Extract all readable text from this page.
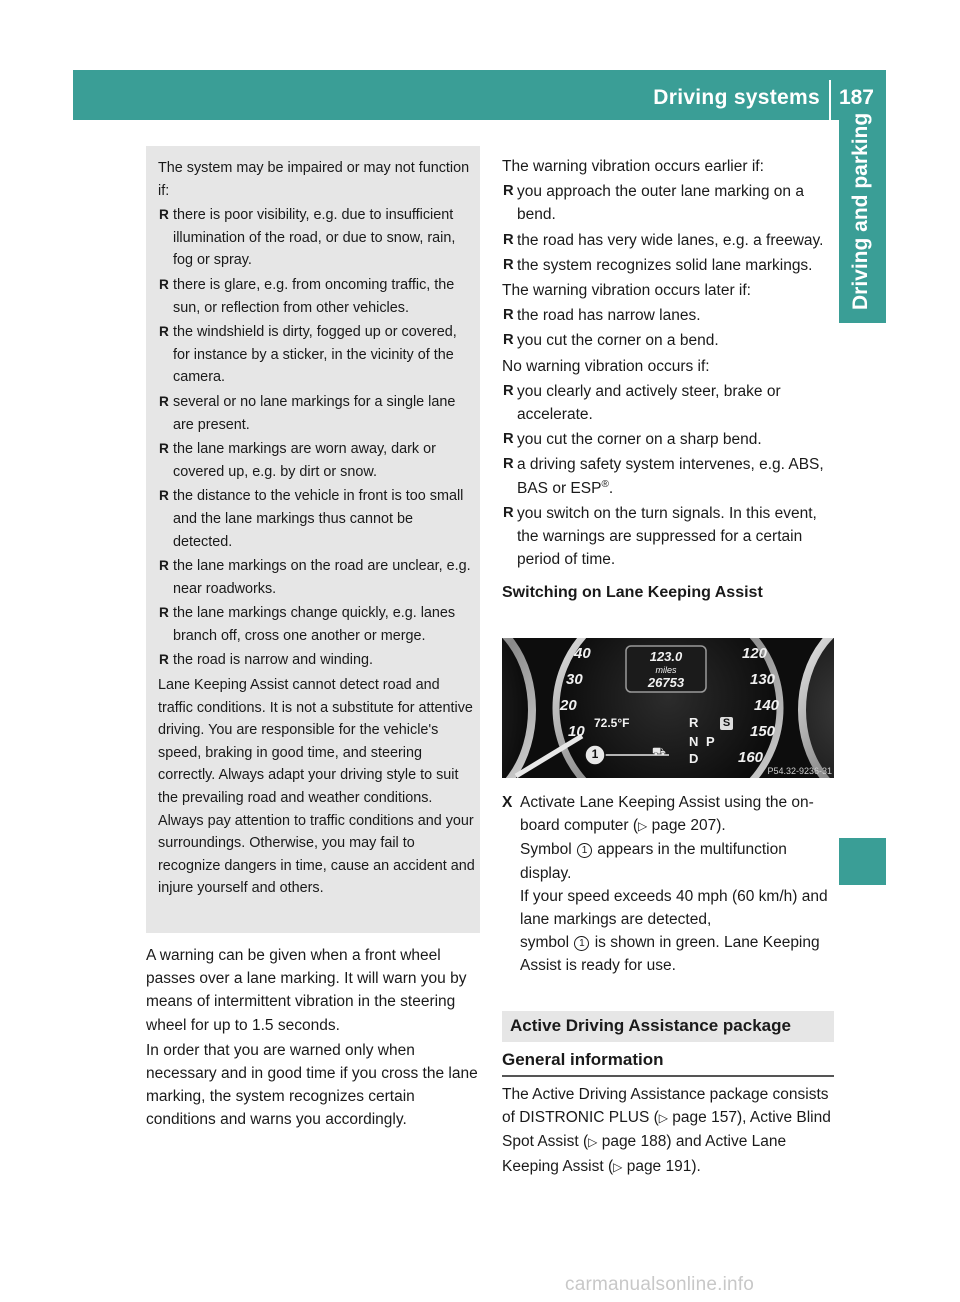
Driving systems 187
Driving and parking

The system may be impaired or may not function if:

R there is poor visibility, e.g. due to insufficient illumination of the road, or due to snow, rain, fog or spray.
R there is glare, e.g. from oncoming traffic, the sun, or reflection from other vehicles.
R the windshield is dirty, fogged up or covered, for instance by a sticker, in the vicinity of the camera.
R several or no lane markings for a single lane are present.
R the lane markings are worn away, dark or covered up, e.g. by dirt or snow.
R the distance to the vehicle in front is too small and the lane markings thus cannot be detected.
R the lane markings on the road are unclear, e.g. near roadworks.
R the lane markings change quickly, e.g. lanes branch off, cross one another or merge.
R the road is narrow and winding.

Lane Keeping Assist cannot detect road and traffic conditions. It is not a substitute for attentive driving. You are responsible for the vehicle's speed, braking in good time, and steering correctly. Always adapt your driving style to suit the prevailing road and weather conditions. Always pay attention to traffic conditions and your surroundings. Otherwise, you may fail to recognize dangers in time, cause an accident and injure yourself and others.

A warning can be given when a front wheel passes over a lane marking. It will warn you by means of intermittent vibration in the steering wheel for up to 1.5 seconds.

In order that you are warned only when necessary and in good time if you cross the lane marking, the system recognizes certain conditions and warns you accordingly.

The warning vibration occurs earlier if:

R you approach the outer lane marking on a bend.
R the road has very wide lanes, e.g. a freeway.
R the system recognizes solid lane markings.

The warning vibration occurs later if:

R the road has narrow lanes.
R you cut the corner on a bend.

No warning vibration occurs if:

R you clearly and actively steer, brake or accelerate.
R you cut the corner on a sharp bend.
R a driving safety system intervenes, e.g. ABS, BAS or ESP®.
R you switch on the turn signals. In this event, the warnings are suppressed for a certain period of time.

Switching on Lane Keeping Assist

40
30
20
10
120
130
140
150
160
123.0
miles
26753
72.5°F	R
N P
D
S
1	⛟
P54.32-9236-31
X Activate Lane Keeping Assist using the on-board computer (▷ page 207).

Symbol 1 appears in the multifunction display.

If your speed exceeds 40 mph (60 km/h) and lane markings are detected,

symbol 1 is shown in green. Lane Keeping Assist is ready for use.

Active Driving Assistance package
General information

The Active Driving Assistance package consists of DISTRONIC PLUS (▷ page 157), Active Blind Spot Assist (▷ page 188) and Active Lane Keeping Assist (▷ page 191).

carmanualsonline.info
